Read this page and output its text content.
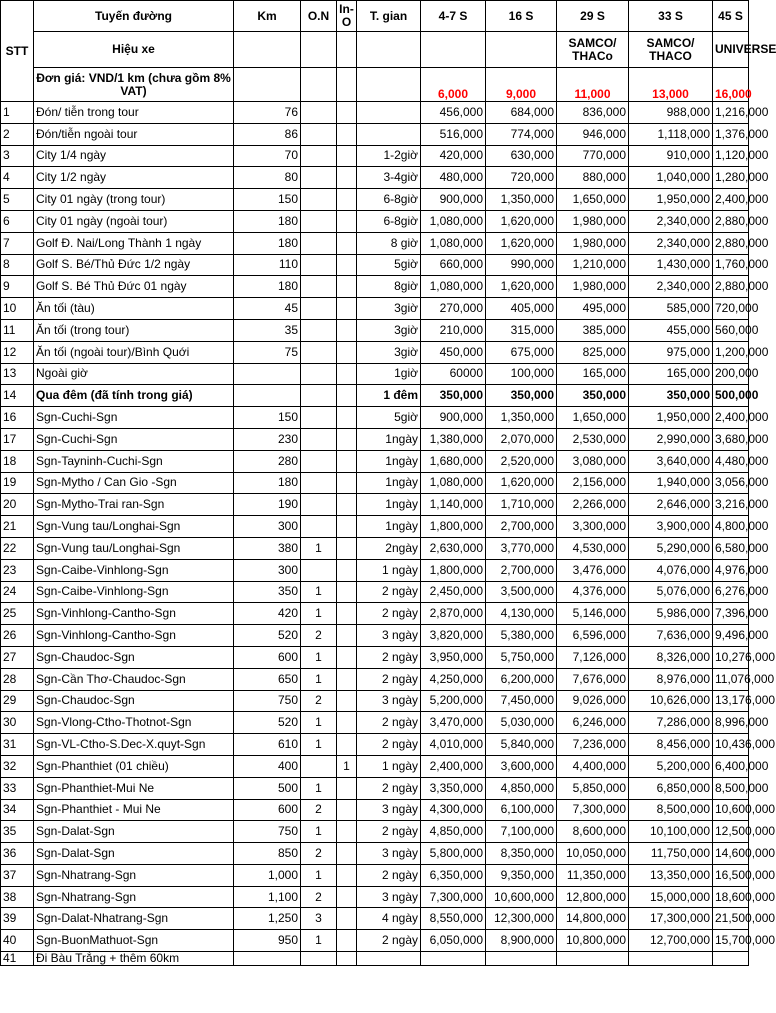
STT	Tuyến đường	Km	O.N	In-O	T. gian	4-7 S	16 S	29 S	33 S	45 S
	Hiệu xe							SAMCO/ THACo	SAMCO/ THACO	UNIVERSE
	Đơn giá: VND/1 km (chưa gồm 8% VAT)					6,000	9,000	11,000	13,000	16,000
1	Đón/ tiễn trong tour	76				456,000	684,000	836,000	988,000	1,216,000
2	Đón/tiễn ngoài tour	86				516,000	774,000	946,000	1,118,000	1,376,000
3	City 1/4 ngày	70			1-2giờ	420,000	630,000	770,000	910,000	1,120,000
4	City 1/2 ngày	80			3-4giờ	480,000	720,000	880,000	1,040,000	1,280,000
5	City 01 ngày (trong tour)	150			6-8giờ	900,000	1,350,000	1,650,000	1,950,000	2,400,000
6	City 01 ngày (ngoài tour)	180			6-8giờ	1,080,000	1,620,000	1,980,000	2,340,000	2,880,000
7	Golf Đ. Nai/Long Thành 1 ngày	180			8 giờ	1,080,000	1,620,000	1,980,000	2,340,000	2,880,000
8	Golf S. Bé/Thủ Đức 1/2 ngày	110			5giờ	660,000	990,000	1,210,000	1,430,000	1,760,000
9	Golf S. Bé Thủ Đức 01 ngày	180			8giờ	1,080,000	1,620,000	1,980,000	2,340,000	2,880,000
10	Ăn tối (tàu)	45			3giờ	270,000	405,000	495,000	585,000	720,000
11	Ăn tối (trong tour)	35			3giờ	210,000	315,000	385,000	455,000	560,000
12	Ăn tối (ngoài tour)/Bình Quới	75			3giờ	450,000	675,000	825,000	975,000	1,200,000
13	Ngoài giờ				1giờ	60000	100,000	165,000	165,000	200,000
14	Qua đêm (đã tính trong giá)				1 đêm	350,000	350,000	350,000	350,000	500,000
16	Sgn-Cuchi-Sgn	150			5giờ	900,000	1,350,000	1,650,000	1,950,000	2,400,000
17	Sgn-Cuchi-Sgn	230			1ngày	1,380,000	2,070,000	2,530,000	2,990,000	3,680,000
18	Sgn-Tayninh-Cuchi-Sgn	280			1ngày	1,680,000	2,520,000	3,080,000	3,640,000	4,480,000
19	Sgn-Mytho / Can Gio -Sgn	180			1ngày	1,080,000	1,620,000	2,156,000	1,940,000	3,056,000
20	Sgn-Mytho-Trai ran-Sgn	190			1ngày	1,140,000	1,710,000	2,266,000	2,646,000	3,216,000
21	Sgn-Vung tau/Longhai-Sgn	300			1ngày	1,800,000	2,700,000	3,300,000	3,900,000	4,800,000
22	Sgn-Vung tau/Longhai-Sgn	380	1		2ngày	2,630,000	3,770,000	4,530,000	5,290,000	6,580,000
23	Sgn-Caibe-Vinhlong-Sgn	300			1 ngày	1,800,000	2,700,000	3,476,000	4,076,000	4,976,000
24	Sgn-Caibe-Vinhlong-Sgn	350	1		2 ngày	2,450,000	3,500,000	4,376,000	5,076,000	6,276,000
25	Sgn-Vinhlong-Cantho-Sgn	420	1		2 ngày	2,870,000	4,130,000	5,146,000	5,986,000	7,396,000
26	Sgn-Vinhlong-Cantho-Sgn	520	2		3 ngày	3,820,000	5,380,000	6,596,000	7,636,000	9,496,000
27	Sgn-Chaudoc-Sgn	600	1		2 ngày	3,950,000	5,750,000	7,126,000	8,326,000	10,276,000
28	Sgn-Cần Thơ-Chaudoc-Sgn	650	1		2 ngày	4,250,000	6,200,000	7,676,000	8,976,000	11,076,000
29	Sgn-Chaudoc-Sgn	750	2		3 ngày	5,200,000	7,450,000	9,026,000	10,626,000	13,176,000
30	Sgn-Vlong-Ctho-Thotnot-Sgn	520	1		2 ngày	3,470,000	5,030,000	6,246,000	7,286,000	8,996,000
31	Sgn-VL-Ctho-S.Dec-X.quyt-Sgn	610	1		2 ngày	4,010,000	5,840,000	7,236,000	8,456,000	10,436,000
32	Sgn-Phanthiet (01 chiều)	400		1	1 ngày	2,400,000	3,600,000	4,400,000	5,200,000	6,400,000
33	Sgn-Phanthiet-Mui Ne	500	1		2 ngày	3,350,000	4,850,000	5,850,000	6,850,000	8,500,000
34	Sgn-Phanthiet - Mui Ne	600	2		3 ngày	4,300,000	6,100,000	7,300,000	8,500,000	10,600,000
35	Sgn-Dalat-Sgn	750	1		2 ngày	4,850,000	7,100,000	8,600,000	10,100,000	12,500,000
36	Sgn-Dalat-Sgn	850	2		3 ngày	5,800,000	8,350,000	10,050,000	11,750,000	14,600,000
37	Sgn-Nhatrang-Sgn	1,000	1		2 ngày	6,350,000	9,350,000	11,350,000	13,350,000	16,500,000
38	Sgn-Nhatrang-Sgn	1,100	2		3 ngày	7,300,000	10,600,000	12,800,000	15,000,000	18,600,000
39	Sgn-Dalat-Nhatrang-Sgn	1,250	3		4 ngày	8,550,000	12,300,000	14,800,000	17,300,000	21,500,000
40	Sgn-BuonMathuot-Sgn	950	1		2 ngày	6,050,000	8,900,000	10,800,000	12,700,000	15,700,000
41	Đi Bàu Trắng + thêm 60km									
